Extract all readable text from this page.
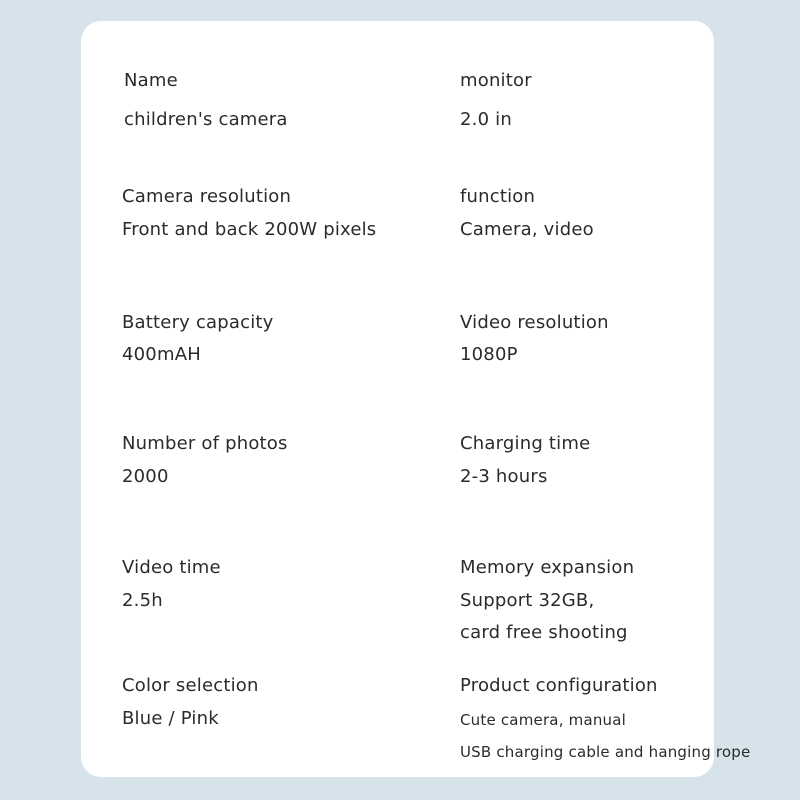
Name
children's camera
monitor
2.0 in
Camera resolution
Front and back 200W pixels
function
Camera, video
Battery capacity
400mAH
Video resolution
1080P
Number of photos
2000
Charging time
2-3 hours
Video time
2.5h
Memory expansion
Support 32GB,
card free shooting
Color selection
Blue / Pink
Product configuration
Cute camera, manual
USB charging cable and hanging rope
